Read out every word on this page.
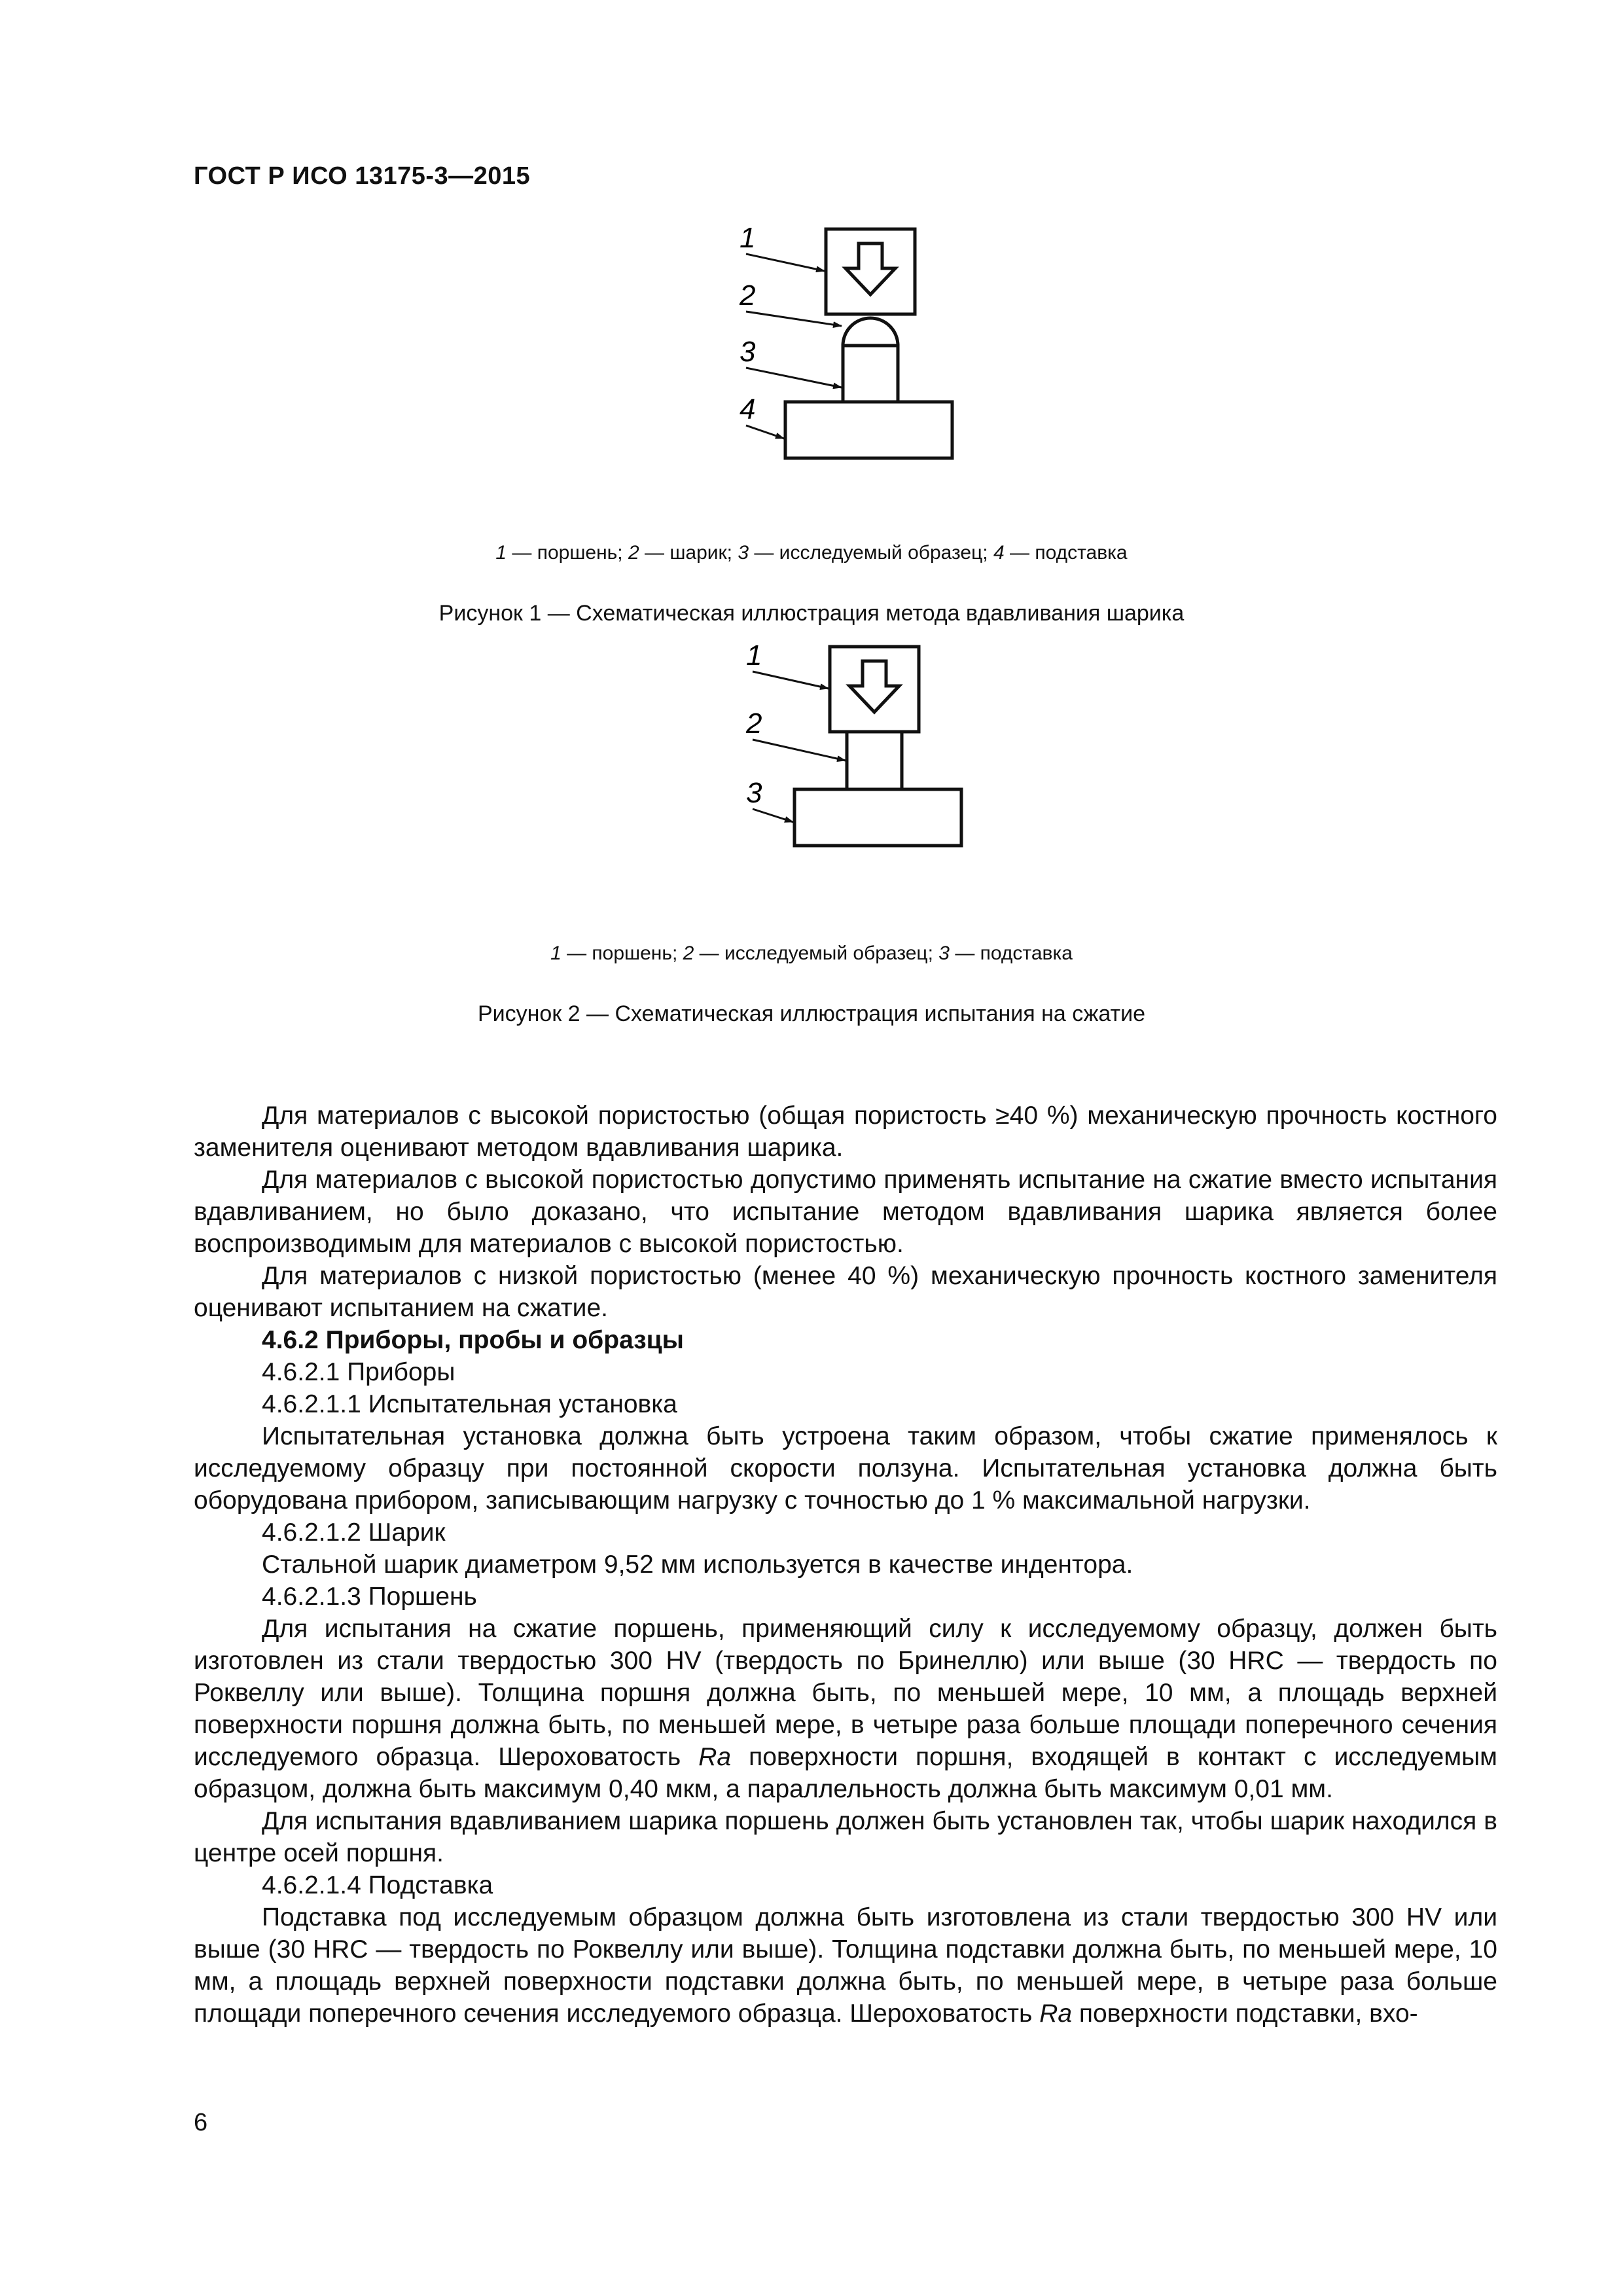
ГОСТ Р ИСО 13175-3—2015
1
2
3
4
1 — поршень; 2 — шарик; 3 — исследуемый образец; 4 — подставка
Рисунок 1 — Схематическая иллюстрация метода вдавливания шарика
1
2
3
1 — поршень; 2 — исследуемый образец; 3 — подставка
Рисунок 2 — Схематическая иллюстрация испытания на сжатие

Для материалов с высокой пористостью (общая пористость ≥40 %) механическую прочность костного заменителя оценивают методом вдавливания шарика.

Для материалов с высокой пористостью допустимо применять испытание на сжатие вместо испытания вдавливанием, но было доказано, что испытание методом вдавливания шарика является более воспроизводимым для материалов с высокой пористостью.

Для материалов с низкой пористостью (менее 40 %) механическую прочность костного заменителя оценивают испытанием на сжатие.

4.6.2 Приборы, пробы и образцы

4.6.2.1 Приборы

4.6.2.1.1 Испытательная установка

Испытательная установка должна быть устроена таким образом, чтобы сжатие применялось к исследуемому образцу при постоянной скорости ползуна. Испытательная установка должна быть оборудована прибором, записывающим нагрузку с точностью до 1 % максимальной нагрузки.

4.6.2.1.2 Шарик

Стальной шарик диаметром 9,52 мм используется в качестве индентора.

4.6.2.1.3 Поршень

Для испытания на сжатие поршень, применяющий силу к исследуемому образцу, должен быть изготовлен из стали твердостью 300 HV (твердость по Бринеллю) или выше (30 HRC — твердость по Роквеллу или выше). Толщина поршня должна быть, по меньшей мере, 10 мм, а площадь верхней поверхности поршня должна быть, по меньшей мере, в четыре раза больше площади поперечного сечения исследуемого образца. Шероховатость Ra поверхности поршня, входящей в контакт с исследуемым образцом, должна быть максимум 0,40 мкм, а параллельность должна быть максимум 0,01 мм.

Для испытания вдавливанием шарика поршень должен быть установлен так, чтобы шарик находился в центре осей поршня.

4.6.2.1.4 Подставка

Подставка под исследуемым образцом должна быть изготовлена из стали твердостью 300 HV или выше (30 HRC — твердость по Роквеллу или выше). Толщина подставки должна быть, по меньшей мере, 10 мм, а площадь верхней поверхности подставки должна быть, по меньшей мере, в четыре раза больше площади поперечного сечения исследуемого образца. Шероховатость Ra поверхности подставки, вхо-

6
